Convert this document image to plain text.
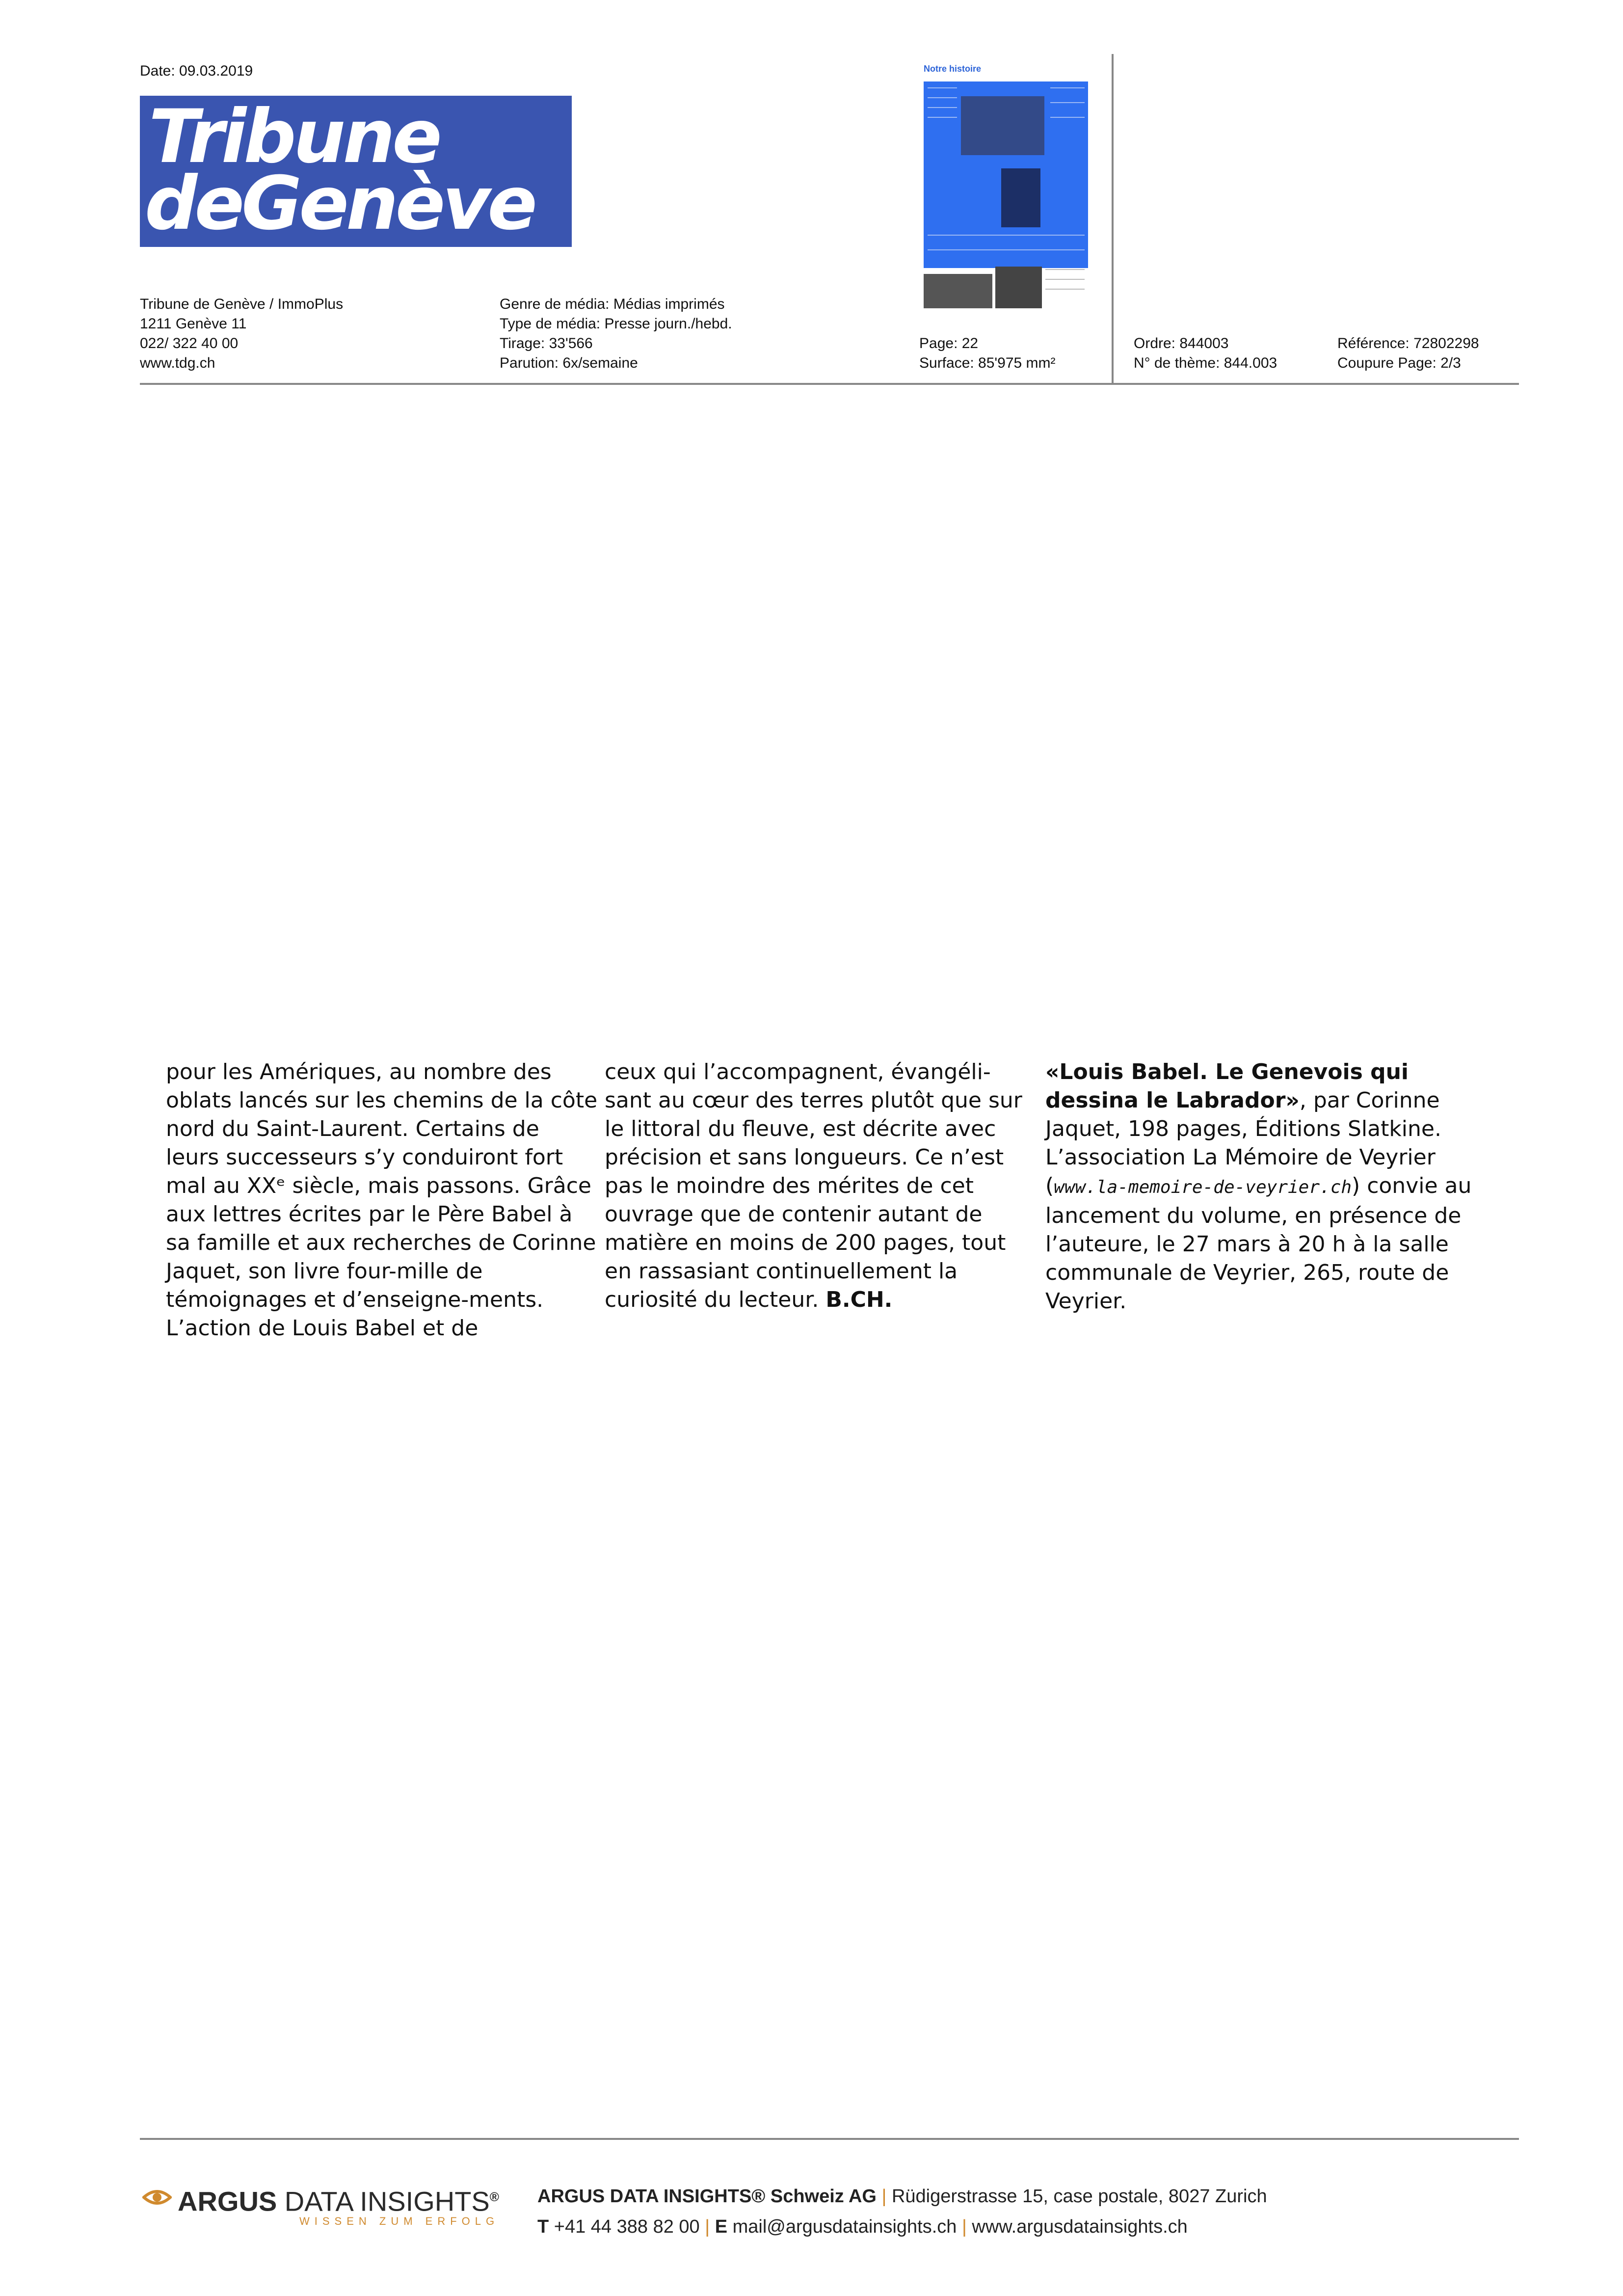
Date: 09.03.2019
Tribune
deGenève
Notre histoire
Tribune de Genève / ImmoPlus
1211 Genève 11
022/ 322 40 00
www.tdg.ch
Genre de média: Médias imprimés
Type de média: Presse journ./hebd.
Tirage: 33'566
Parution: 6x/semaine
Page: 22
Surface: 85'975 mm²
Ordre: 844003
N° de thème: 844.003
Référence: 72802298
Coupure Page: 2/3

pour les Amériques, au nombre des oblats lancés sur les chemins de la côte nord du Saint-Laurent. Certains de leurs successeurs s’y conduiront fort mal au XXᵉ siècle, mais passons. Grâce aux lettres écrites par le Père Babel à sa famille et aux recherches de Corinne Jaquet, son livre four-mille de témoignages et d’enseigne-ments. L’action de Louis Babel et de

ceux qui l’accompagnent, évangéli-sant au cœur des terres plutôt que sur le littoral du fleuve, est décrite avec précision et sans longueurs. Ce n’est pas le moindre des mérites de cet ouvrage que de contenir autant de matière en moins de 200 pages, tout en rassasiant continuellement la curiosité du lecteur. B.CH.

«Louis Babel. Le Genevois qui dessina le Labrador», par Corinne Jaquet, 198 pages, Éditions Slatkine. L’association La Mémoire de Veyrier (www.la-memoire-de-veyrier.ch) convie au lancement du volume, en présence de l’auteure, le 27 mars à 20 h à la salle communale de Veyrier, 265, route de Veyrier.

ARGUS DATA INSIGHTS®
WISSEN ZUM ERFOLG
ARGUS DATA INSIGHTS® Schweiz AG | Rüdigerstrasse 15, case postale, 8027 Zurich
T +41 44 388 82 00 | E mail@argusdatainsights.ch | www.argusdatainsights.ch
